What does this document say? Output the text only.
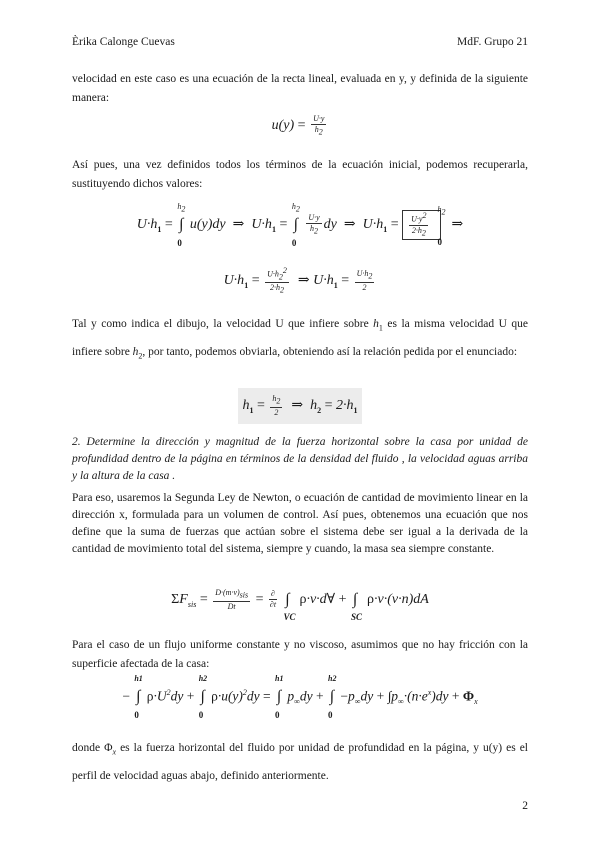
Èrika Calonge Cuevas	MdF. Grupo 21
velocidad en este caso es una ecuación de la recta lineal, evaluada en y, y definida de la siguiente manera:
$u(y) = \frac{U\cdot y}{h_2}$
Así pues, una vez definidos todos los términos de la ecuación inicial, podemos recuperarla, sustituyendo dichos valores:
$U\cdot h_1$ =
$h_2$
∫
0
u(y)dy  ⇒  $U\cdot h_1$ =
$h_2$
∫
0

$\frac{U\cdot y}{h_2}$ dy  ⇒  $U\cdot h_1 = \frac{U\cdot y^2}{2\cdot h_2}$
$h_2$
0
⇒
$U\cdot h_1 = \frac{U\cdot h_2^2}{2\cdot h_2}$ ⇒ $U\cdot h_1 = \frac{U\cdot h_2}{2}$
Tal y como indica el dibujo, la velocidad U que infiere sobre $h_1$ es la misma velocidad U que infiere sobre $h_2$, por tanto, podemos obviarla, obteniendo así la relación pedida por el enunciado:
$h_1 = \frac{h_2}{2}$ ⇒  $h_2 = 2\cdot h_1$
2. Determine la dirección y magnitud de la fuerza horizontal sobre la casa por unidad de profundidad dentro de la página en términos de la densidad del fluido , la velocidad aguas arriba y la altura de la casa .
Para eso, usaremos la Segunda Ley de Newton, o ecuación de cantidad de movimiento linear en la dirección x, formulada para un volumen de control. Así pues, obtenemos una ecuación que nos define que la suma de fuerzas que actúan sobre el sistema debe ser igual a la derivada de la cantidad de movimiento total del sistema, siempre y cuando, la masa sea siempre constante.
$\Sigma F_{sis} = \frac{D\cdot(m\cdot v)_{sis}}{Dt} = \frac{\partial}{\partial t}$ ∫
VC
ρ·v·d∀ + ∫
SC
ρ·v·(v·n)dA
Para el caso de un flujo uniforme constante y no viscoso, asumimos que no hay fricción con la superficie afectada de la casa:
−
h1
∫
0
$\rho\cdot U^2dy$ +
h2
∫
0
$\rho\cdot u(y)^2dy$ =
h1
∫
0
$p_\infty dy$ +
h2
∫
0
$-p_\infty dy + \int p_\infty\cdot(n\cdot e^x)dy + \Phi_x$
donde $\Phi_x$ es la fuerza horizontal del fluido por unidad de profundidad en la página, y u(y) es el perfil de velocidad aguas abajo, definido anteriormente.
2
